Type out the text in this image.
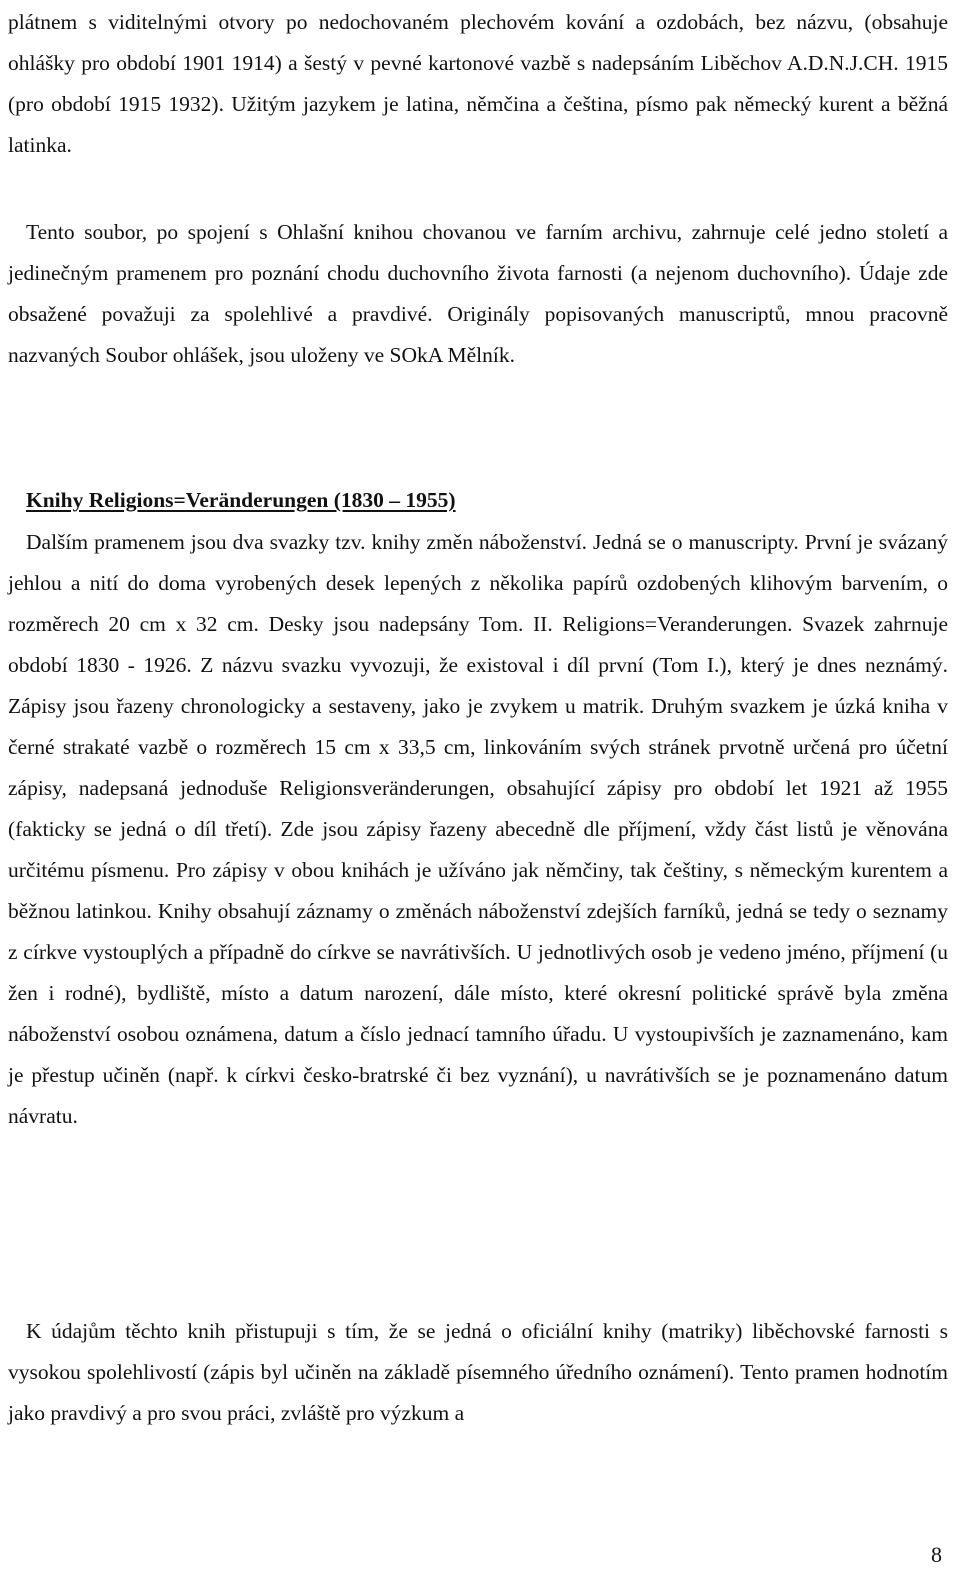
plátnem s viditelnými otvory po nedochovaném plechovém kování a ozdobách, bez názvu, (obsahuje ohlášky pro období 1901 1914) a šestý v pevné kartonové vazbě s nadepsáním Liběchov A.D.N.J.CH. 1915 (pro období 1915 1932). Užitým jazykem je latina, němčina a čeština, písmo pak německý kurent a běžná latinka.

Tento soubor, po spojení s Ohlašní knihou chovanou ve farním archivu, zahrnuje celé jedno století a jedinečným pramenem pro poznání chodu duchovního života farnosti (a nejenom duchovního). Údaje zde obsažené považuji za spolehlivé a pravdivé. Originály popisovaných manuscriptů, mnou pracovně nazvaných Soubor ohlášek, jsou uloženy ve SOkA Mělník.

Knihy Religions=Veränderungen (1830 – 1955)

Dalším pramenem jsou dva svazky tzv. knihy změn náboženství. Jedná se o manuscripty. První je svázaný jehlou a nití do doma vyrobených desek lepených z několika papírů ozdobených klihovým barvením, o rozměrech 20 cm x 32 cm. Desky jsou nadepsány Tom. II. Religions=Veranderungen. Svazek zahrnuje období 1830 - 1926. Z názvu svazku vyvozuji, že existoval i díl první (Tom I.), který je dnes neznámý. Zápisy jsou řazeny chronologicky a sestaveny, jako je zvykem u matrik. Druhým svazkem je úzká kniha v černé strakaté vazbě o rozměrech 15 cm x 33,5 cm, linkováním svých stránek prvotně určená pro účetní zápisy, nadepsaná jednoduše Religionsveränderungen, obsahující zápisy pro období let 1921 až 1955 (fakticky se jedná o díl třetí). Zde jsou zápisy řazeny abecedně dle příjmení, vždy část listů je věnována určitému písmenu. Pro zápisy v obou knihách je užíváno jak němčiny, tak češtiny, s německým kurentem a běžnou latinkou. Knihy obsahují záznamy o změnách náboženství zdejších farníků, jedná se tedy o seznamy z církve vystouplých a případně do církve se navrátivších. U jednotlivých osob je vedeno jméno, příjmení (u žen i rodné), bydliště, místo a datum narození, dále místo, které okresní politické správě byla změna náboženství osobou oznámena, datum a číslo jednací tamního úřadu. U vystoupivších je zaznamenáno, kam je přestup učiněn (např. k církvi česko-bratrské či bez vyznání), u navrátivších se je poznamenáno datum návratu.

K údajům těchto knih přistupuji s tím, že se jedná o oficiální knihy (matriky) liběchovské farnosti s vysokou spolehlivostí (zápis byl učiněn na základě písemného úředního oznámení). Tento pramen hodnotím jako pravdivý a pro svou práci, zvláště pro výzkum a

8
